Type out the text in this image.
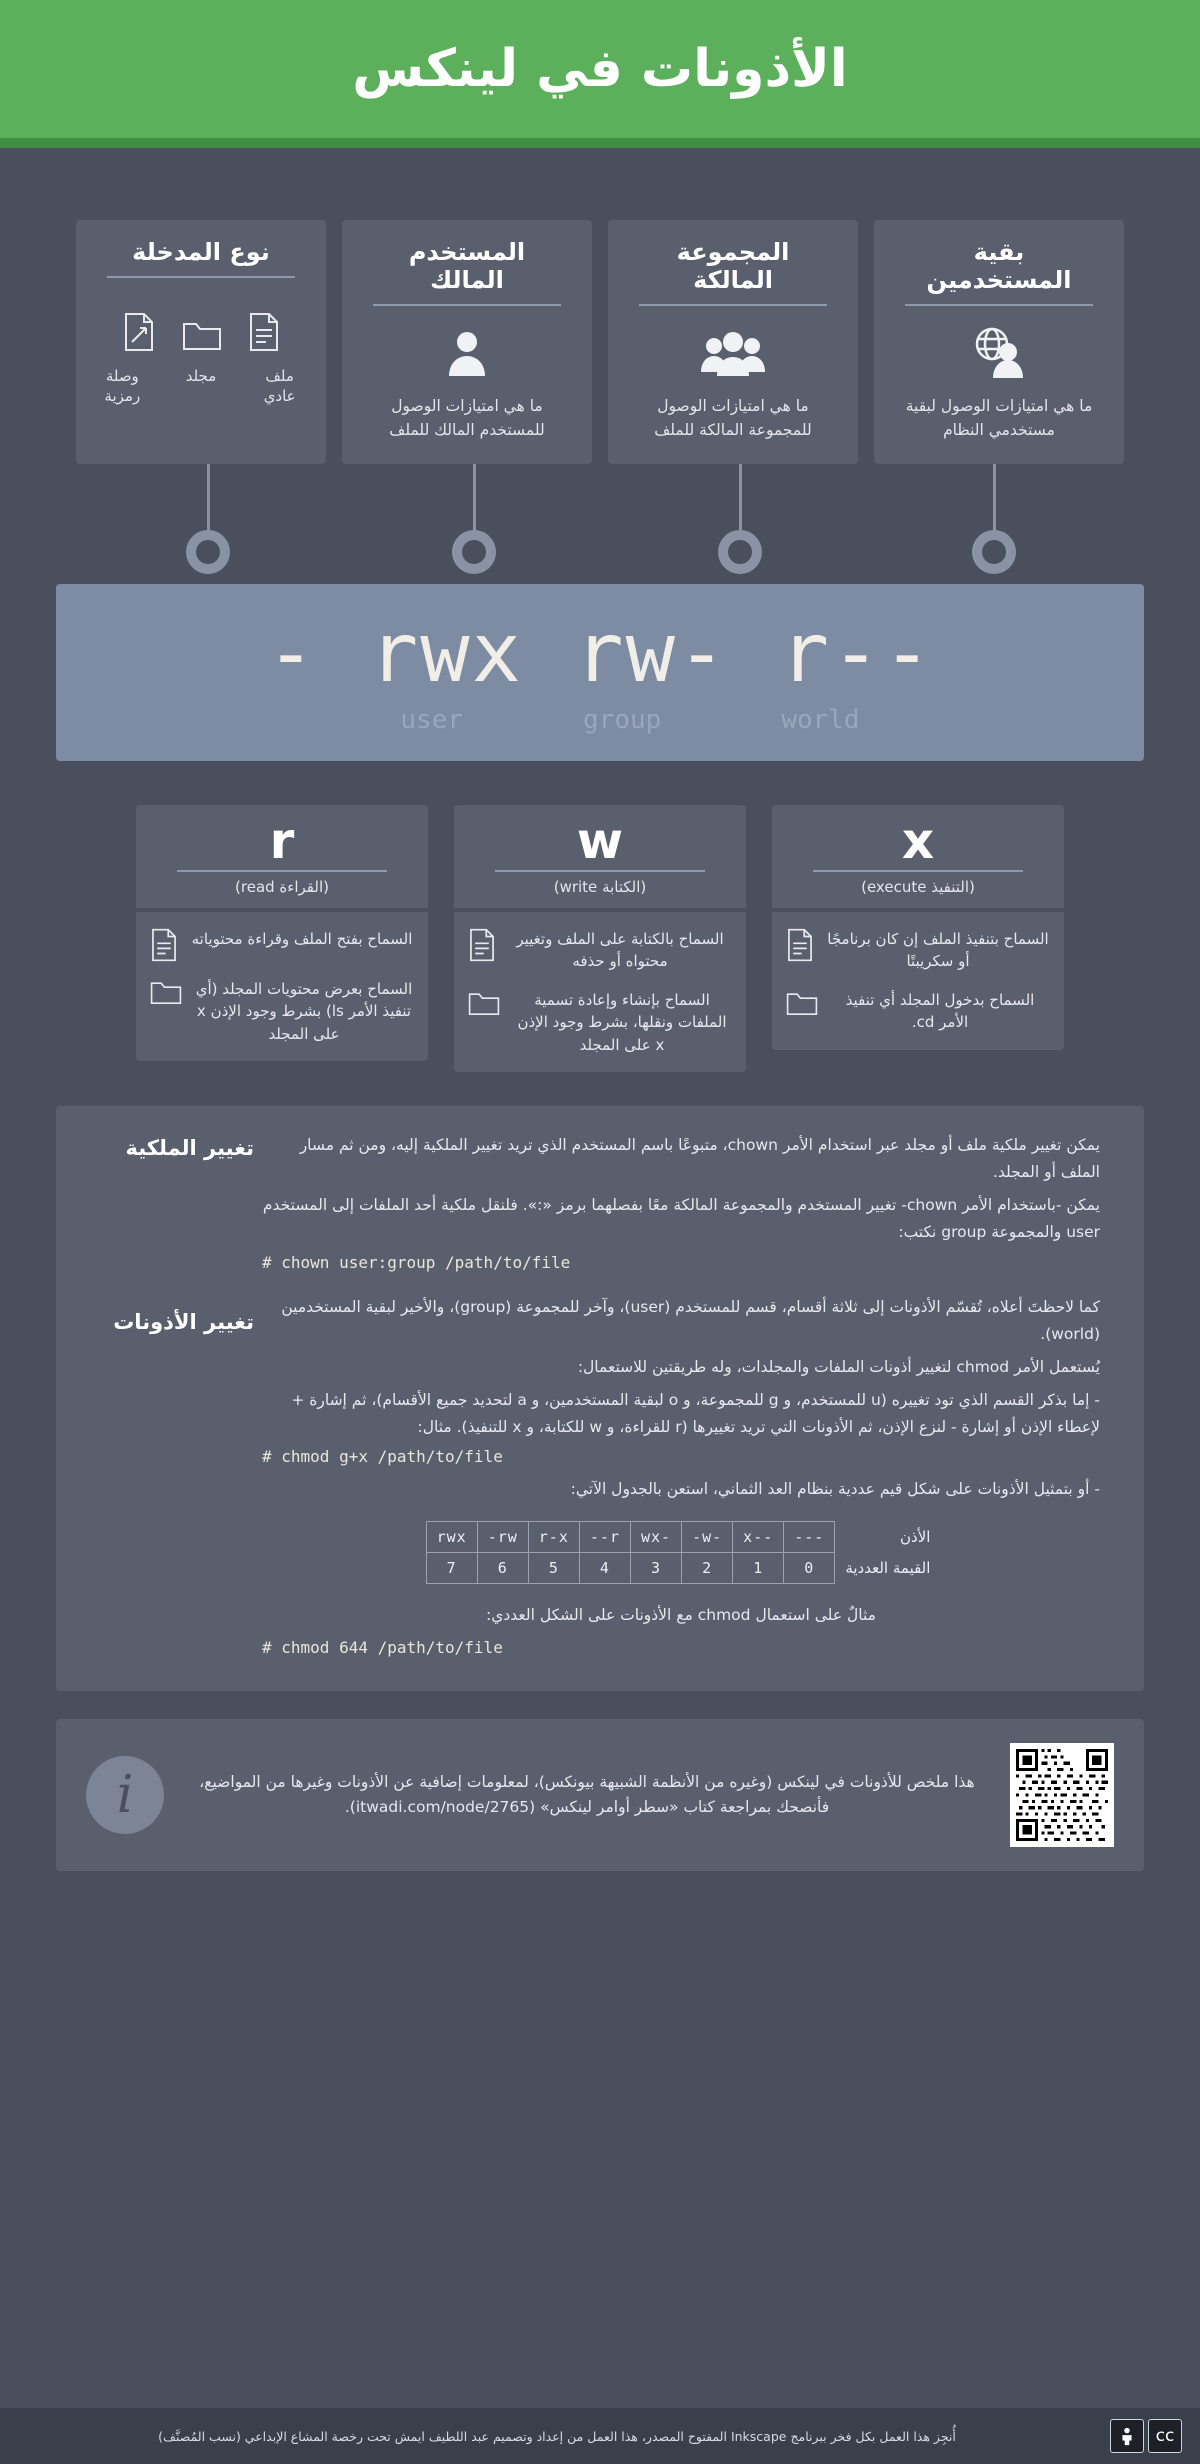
الأذونات في لينكس
نوع المدخلة
وصلة رمزية
مجلد	ملف عادي
المستخدم المالك
ما هي امتيازات الوصول للمستخدم المالك للملف
المجموعة المالكة
ما هي امتيازات الوصول للمجموعة المالكة للملف
بقية المستخدمين
ما هي امتيازات الوصول لبقية مستخدمي النظام
- rwx rw- r--
user	group	world
r
(القراءة read)
السماح بفتح الملف وقراءة محتوياته
السماح بعرض محتويات المجلد (أي تنفيذ الأمر ls) بشرط وجود الإذن x على المجلد
w
(الكتابة write)
السماح بالكتابة على الملف وتغيير محتواه أو حذفه
السماح بإنشاء وإعادة تسمية الملفات ونقلها، بشرط وجود الإذن x على المجلد
x
(التنفيذ execute)
السماح بتنفيذ الملف إن كان برنامجًا أو سكريبتًا
السماح بدخول المجلد أي تنفيذ الأمر cd.
تغيير الملكية
تغيير الأذونات

يمكن تغيير ملكية ملف أو مجلد عبر استخدام الأمر chown، متبوعًا باسم المستخدم الذي تريد تغيير الملكية إليه، ومن ثم مسار الملف أو المجلد.

يمكن -باستخدام الأمر chown- تغيير المستخدم والمجموعة المالكة معًا بفصلهما برمز «:». فلنقل ملكية أحد الملفات إلى المستخدم user والمجموعة group نكتب:

# chown user:group /path/to/file

كما لاحظتَ أعلاه، تُقسّم الأذونات إلى ثلاثة أقسام، قسم للمستخدم (user)، وآخر للمجموعة (group)، والأخير لبقية المستخدمين (world).

يُستعمل الأمر chmod لتغيير أذونات الملفات والمجلدات، وله طريقتين للاستعمال:

- إما بذكر القسم الذي تود تغييره (u للمستخدم، و g للمجموعة، و o لبقية المستخدمين، و a لتحديد جميع الأقسام)، ثم إشارة + لإعطاء الإذن أو إشارة - لنزع الإذن، ثم الأذونات التي تريد تغييرها (r للقراءة، و w للكتابة، و x للتنفيذ). مثال:

# chmod g+x /path/to/file

- أو بتمثيل الأذونات على شكل قيم عددية بنظام العد الثماني، استعن بالجدول الآتي:

الأذن	---	--x	-w-	-wx	r--	r-x	rw-	rwx
القيمة العددية	0	1	2	3	4	5	6	7
مثالٌ على استعمال chmod مع الأذونات على الشكل العددي:
# chmod 644 /path/to/file
i	هذا ملخص للأذونات في لينكس (وغيره من الأنظمة الشبيهة بيونكس)، لمعلومات إضافية عن الأذونات وغيرها من المواضيع، فأنصحك بمراجعة كتاب «سطر أوامر لينكس» (itwadi.com/node/2765).
أُنجِز هذا العمل بكل فخر ببرنامج Inkscape المفتوح المصدر، هذا العمل من إعداد وتصميم عبد اللطيف ايمش تحت رخصة المشاع الإبداعي (نسب المُصنَّف)	cc
